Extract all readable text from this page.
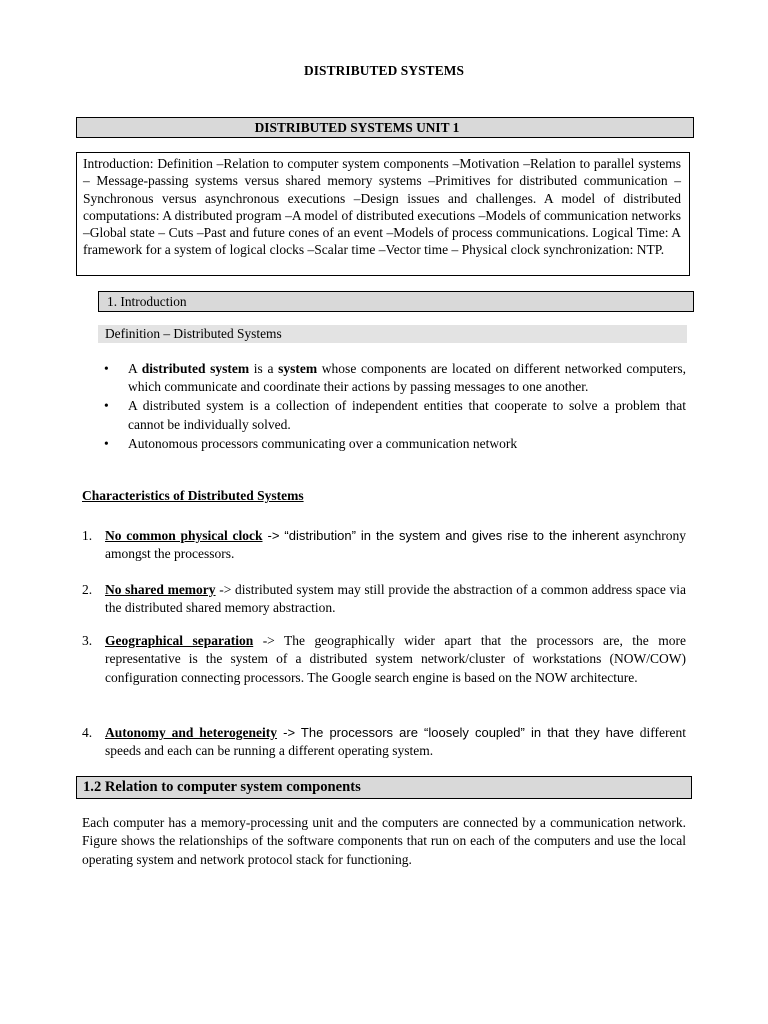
DISTRIBUTED SYSTEMS
DISTRIBUTED SYSTEMS UNIT 1
Introduction: Definition –Relation to computer system components –Motivation –Relation to parallel systems – Message-passing systems versus shared memory systems –Primitives for distributed communication –Synchronous versus asynchronous executions –Design issues and challenges. A model of distributed computations: A distributed program –A model of distributed executions –Models of communication networks –Global state – Cuts –Past and future cones of an event –Models of process communications. Logical Time: A framework for a system of logical clocks –Scalar time –Vector time – Physical clock synchronization: NTP.
1. Introduction
Definition – Distributed Systems
• A distributed system is a system whose components are located on different networked computers, which communicate and coordinate their actions by passing messages to one another.
• A distributed system is a collection of independent entities that cooperate to solve a problem that cannot be individually solved.
• Autonomous processors communicating over a communication network
Characteristics of Distributed Systems
1. No common physical clock -> “distribution” in the system and gives rise to the inherent asynchrony amongst the processors.
2. No shared memory -> distributed system may still provide the abstraction of a common address space via the distributed shared memory abstraction.
3. Geographical separation -> The geographically wider apart that the processors are, the more representative is the system of a distributed system network/cluster of workstations (NOW/COW) configuration connecting processors. The Google search engine is based on the NOW architecture.
4. Autonomy and heterogeneity -> The processors are “loosely coupled” in that they have different speeds and each can be running a different operating system.
1.2 Relation to computer system components
Each computer has a memory-processing unit and the computers are connected by a communication network. Figure shows the relationships of the software components that run on each of the computers and use the local operating system and network protocol stack for functioning.
